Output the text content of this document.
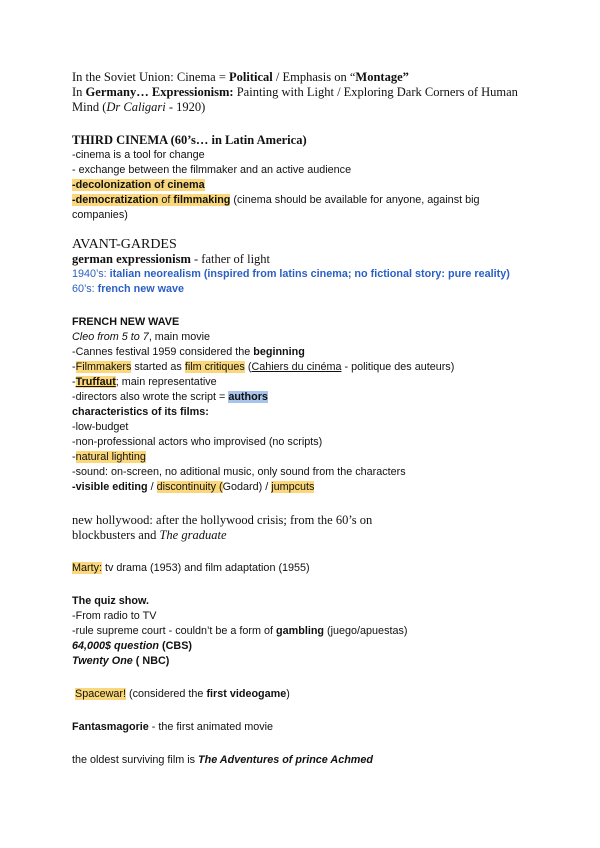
In the Soviet Union: Cinema = Political / Emphasis on “Montage”
In Germany… Expressionism: Painting with Light / Exploring Dark Corners of Human
Mind (Dr Caligari - 1920)
THIRD CINEMA (60’s… in Latin America)
-cinema is a tool for change
- exchange between the filmmaker and an active audience
-decolonization of cinema
-democratization of filmmaking (cinema should be available for anyone, against big
companies)
AVANT-GARDES
german expressionism - father of light
1940’s: italian neorealism (inspired from latins cinema; no fictional story: pure reality)
60’s: french new wave
FRENCH NEW WAVE
Cleo from 5 to 7, main movie
-Cannes festival 1959 considered the beginning
-Filmmakers started as film critiques (Cahiers du cinéma - politique des auteurs)
-Truffaut; main representative
-directors also wrote the script = authors
characteristics of its films:
-low-budget
-non-professional actors who improvised (no scripts)
-natural lighting
-sound: on-screen, no aditional music, only sound from the characters
-visible editing / discontinuity (Godard) / jumpcuts
new hollywood: after the hollywood crisis; from the 60’s on
blockbusters and The graduate
Marty: tv drama (1953) and film adaptation (1955)
The quiz show.
-From radio to TV
-rule supreme court - couldn’t be a form of gambling (juego/apuestas)
64,000$ question (CBS)
Twenty One ( NBC)
Spacewar! (considered the first videogame)
Fantasmagorie - the first animated movie
the oldest surviving film is The Adventures of prince Achmed
